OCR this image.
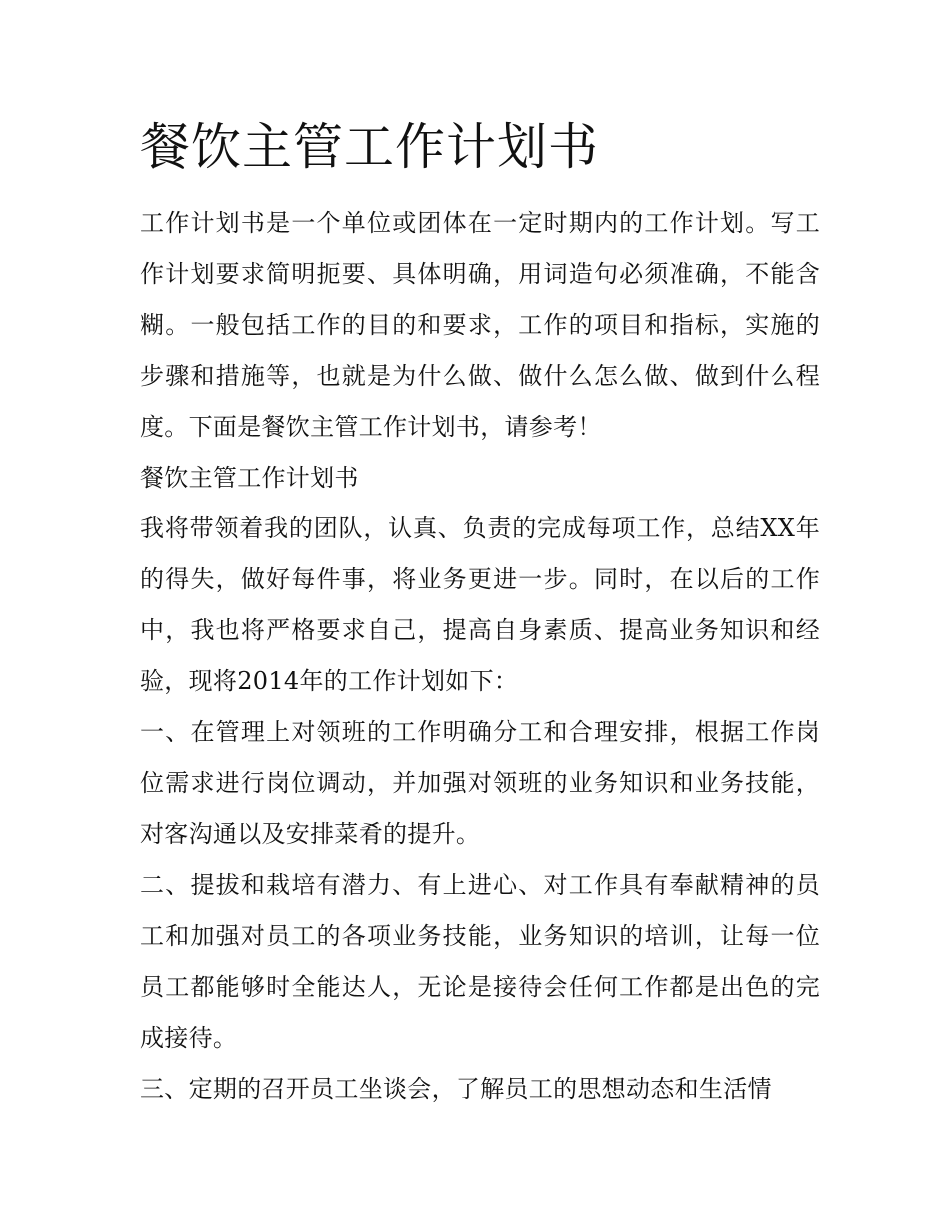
餐饮主管工作计划书

工作计划书是一个单位或团体在一定时期内的工作计划。写工作计划要求简明扼要、具体明确，用词造句必须准确，不能含糊。一般包括工作的目的和要求，工作的项目和指标，实施的步骤和措施等，也就是为什么做、做什么怎么做、做到什么程度。下面是餐饮主管工作计划书，请参考！

餐饮主管工作计划书

我将带领着我的团队，认真、负责的完成每项工作，总结XX年的得失，做好每件事，将业务更进一步。同时，在以后的工作中，我也将严格要求自己，提高自身素质、提高业务知识和经验，现将2014年的工作计划如下：

一、在管理上对领班的工作明确分工和合理安排，根据工作岗位需求进行岗位调动，并加强对领班的业务知识和业务技能，对客沟通以及安排菜肴的提升。

二、提拔和栽培有潜力、有上进心、对工作具有奉献精神的员工和加强对员工的各项业务技能，业务知识的培训，让每一位员工都能够时全能达人，无论是接待会任何工作都是出色的完成接待。

三、定期的召开员工坐谈会，了解员工的思想动态和生活情
